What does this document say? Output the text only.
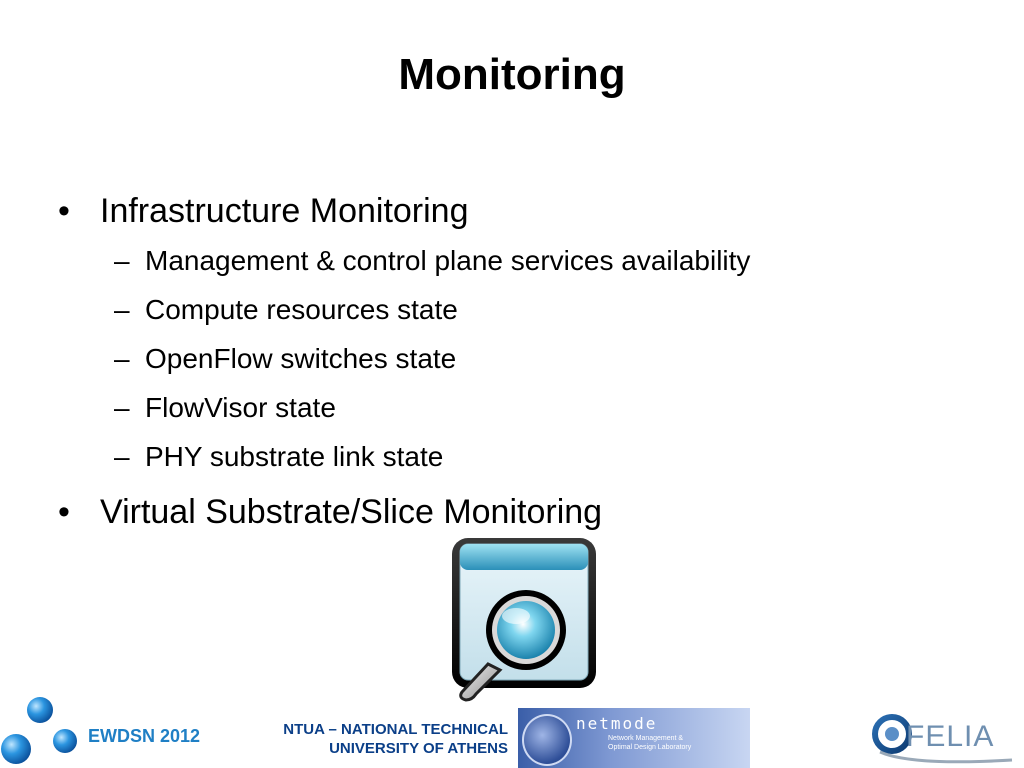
Monitoring
• Infrastructure Monitoring
– Management & control plane services availability
– Compute resources state
– OpenFlow switches state
– FlowVisor state
– PHY substrate link state
• Virtual Substrate/Slice Monitoring
EWDSN 2012	NTUA – NATIONAL TECHNICAL
UNIVERSITY OF ATHENS
netmode
Network Management &
Optimal Design Laboratory	FELIA
